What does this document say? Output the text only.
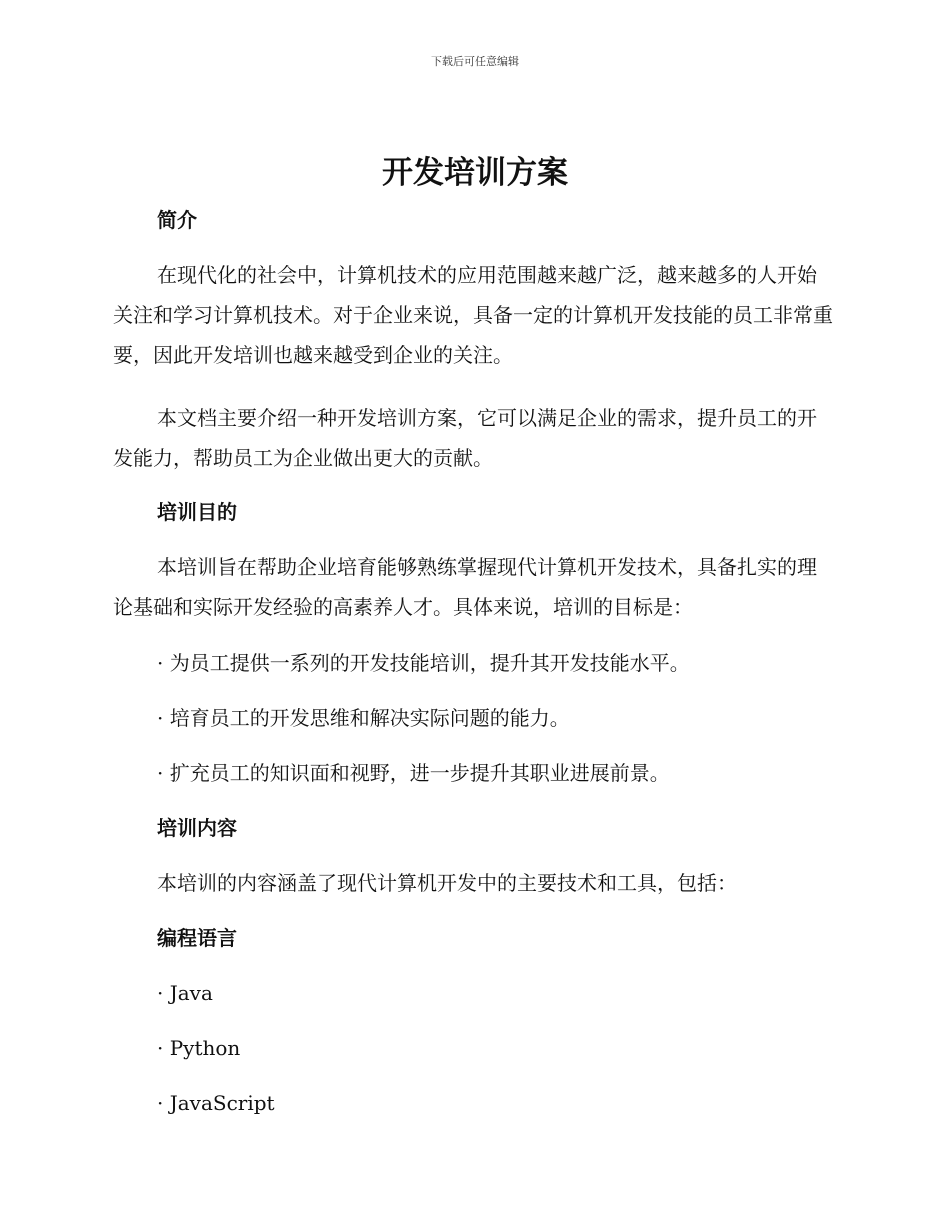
下载后可任意编辑
开发培训方案
简介

在现代化的社会中，计算机技术的应用范围越来越广泛，越来越多的人开始关注和学习计算机技术。对于企业来说，具备一定的计算机开发技能的员工非常重要，因此开发培训也越来越受到企业的关注。

本文档主要介绍一种开发培训方案，它可以满足企业的需求，提升员工的开发能力，帮助员工为企业做出更大的贡献。

培训目的

本培训旨在帮助企业培育能够熟练掌握现代计算机开发技术，具备扎实的理论基础和实际开发经验的高素养人才。具体来说，培训的目标是：

· 为员工提供一系列的开发技能培训，提升其开发技能水平。

· 培育员工的开发思维和解决实际问题的能力。

· 扩充员工的知识面和视野，进一步提升其职业进展前景。

培训内容

本培训的内容涵盖了现代计算机开发中的主要技术和工具，包括：

编程语言

· Java

· Python

· JavaScript
